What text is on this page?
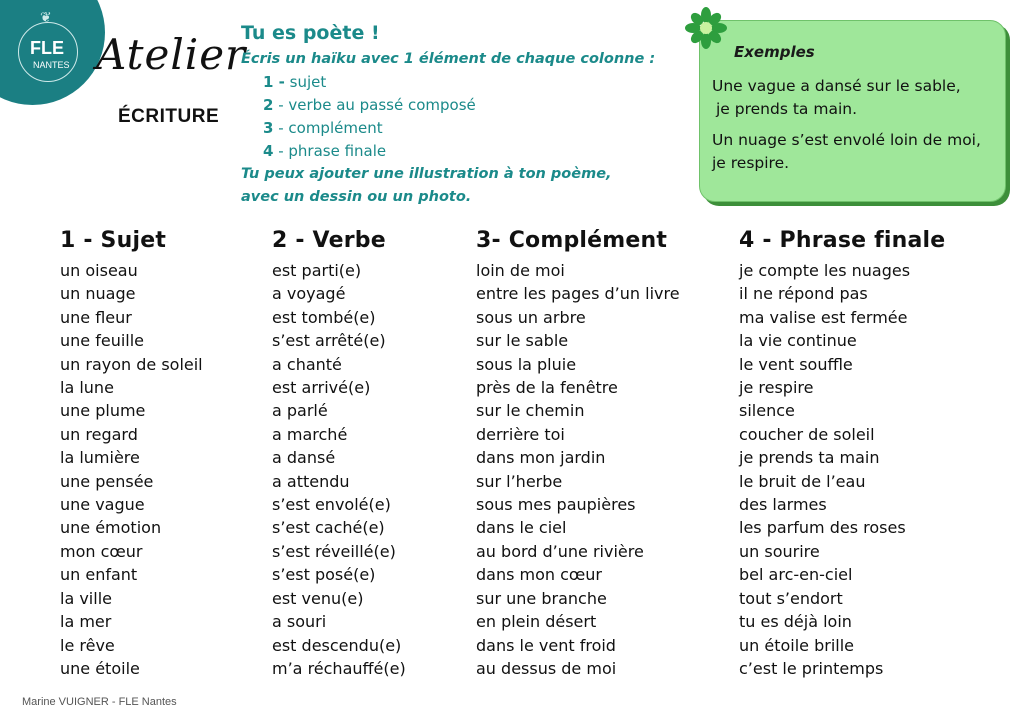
❦
FLE
NANTES Atelier
ÉCRITURE
Tu es poète !
Écris un haïku avec 1 élément de chaque colonne :
1 - sujet
2 - verbe au passé composé
3 - complément
4 - phrase finale
Tu peux ajouter une illustration à ton poème,
avec un dessin ou un photo.
Exemples
Une vague a dansé sur le sable,
je prends ta main.
Un nuage s’est envolé loin de moi,
je respire.
1 - Sujet
un oiseau
un nuage
une fleur
une feuille
un rayon de soleil
la lune
une plume
un regard
la lumière
une pensée
une vague
une émotion
mon cœur
un enfant
la ville
la mer
le rêve
une étoile
2 - Verbe
est parti(e)
a voyagé
est tombé(e)
s’est arrêté(e)
a chanté
est arrivé(e)
a parlé
a marché
a dansé
a attendu
s’est envolé(e)
s’est caché(e)
s’est réveillé(e)
s’est posé(e)
est venu(e)
a souri
est descendu(e)
m’a réchauffé(e)
3- Complément
loin de moi
entre les pages d’un livre
sous un arbre
sur le sable
sous la pluie
près de la fenêtre
sur le chemin
derrière toi
dans mon jardin
sur l’herbe
sous mes paupières
dans le ciel
au bord d’une rivière
dans mon cœur
sur une branche
en plein désert
dans le vent froid
au dessus de moi
4 - Phrase finale
je compte les nuages
il ne répond pas
ma valise est fermée
la vie continue
le vent souffle
je respire
silence
coucher de soleil
je prends ta main
le bruit de l’eau
des larmes
les parfum des roses
un sourire
bel arc-en-ciel
tout s’endort
tu es déjà loin
un étoile brille
c’est le printemps
Marine VUIGNER - FLE Nantes
